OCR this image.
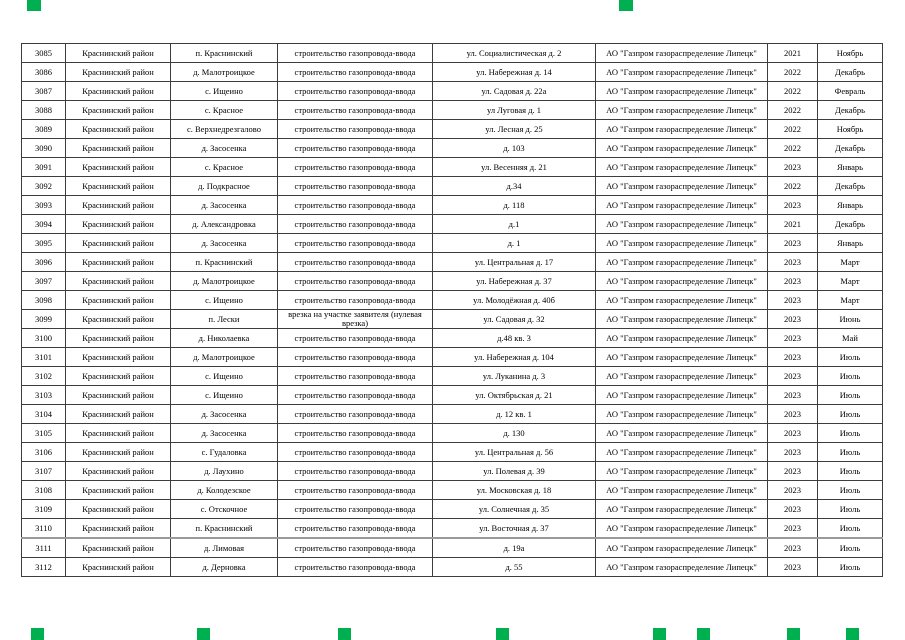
3085	Краснинский район	п. Краснинский	строительство газопровода-ввода	ул. Социалистическая д. 2	АО "Газпром газораспределение Липецк"	2021	Ноябрь
3086	Краснинский район	д. Малотроицкое	строительство газопровода-ввода	ул. Набережная д. 14	АО "Газпром газораспределение Липецк"	2022	Декабрь
3087	Краснинский район	с. Ищеино	строительство газопровода-ввода	ул. Садовая д. 22а	АО "Газпром газораспределение Липецк"	2022	Февраль
3088	Краснинский район	с. Красное	строительство газопровода-ввода	ул Луговая д. 1	АО "Газпром газораспределение Липецк"	2022	Декабрь
3089	Краснинский район	с. Верхнедрезгалово	строительство газопровода-ввода	ул. Лесная д. 25	АО "Газпром газораспределение Липецк"	2022	Ноябрь
3090	Краснинский район	д. Засосенка	строительство газопровода-ввода	д. 103	АО "Газпром газораспределение Липецк"	2022	Декабрь
3091	Краснинский район	с. Красное	строительство газопровода-ввода	ул. Весенняя д. 21	АО "Газпром газораспределение Липецк"	2023	Январь
3092	Краснинский район	д. Подкрасное	строительство газопровода-ввода	д.34	АО "Газпром газораспределение Липецк"	2022	Декабрь
3093	Краснинский район	д. Засосенка	строительство газопровода-ввода	д. 118	АО "Газпром газораспределение Липецк"	2023	Январь
3094	Краснинский район	д. Александровка	строительство газопровода-ввода	д.1	АО "Газпром газораспределение Липецк"	2021	Декабрь
3095	Краснинский район	д. Засосенка	строительство газопровода-ввода	д. 1	АО "Газпром газораспределение Липецк"	2023	Январь
3096	Краснинский район	п. Краснинский	строительство газопровода-ввода	ул. Центральная д. 17	АО "Газпром газораспределение Липецк"	2023	Март
3097	Краснинский район	д. Малотроицкое	строительство газопровода-ввода	ул. Набережная д. 37	АО "Газпром газораспределение Липецк"	2023	Март
3098	Краснинский район	с. Ищеино	строительство газопровода-ввода	ул. Молодёжная д. 40б	АО "Газпром газораспределение Липецк"	2023	Март
3099	Краснинский район	п. Лески	врезка на участке заявителя (нулевая врезка)	ул. Садовая д. 32	АО "Газпром газораспределение Липецк"	2023	Июнь
3100	Краснинский район	д. Николаевка	строительство газопровода-ввода	д.48 кв. 3	АО "Газпром газораспределение Липецк"	2023	Май
3101	Краснинский район	д. Малотроицкое	строительство газопровода-ввода	ул. Набережная д. 104	АО "Газпром газораспределение Липецк"	2023	Июль
3102	Краснинский район	с. Ищеино	строительство газопровода-ввода	ул. Луканина д. 3	АО "Газпром газораспределение Липецк"	2023	Июль
3103	Краснинский район	с. Ищеино	строительство газопровода-ввода	ул. Октябрьская д. 21	АО "Газпром газораспределение Липецк"	2023	Июль
3104	Краснинский район	д. Засосенка	строительство газопровода-ввода	д. 12 кв. 1	АО "Газпром газораспределение Липецк"	2023	Июль
3105	Краснинский район	д. Засосенка	строительство газопровода-ввода	д. 130	АО "Газпром газораспределение Липецк"	2023	Июль
3106	Краснинский район	с. Гудаловка	строительство газопровода-ввода	ул. Центральная д. 56	АО "Газпром газораспределение Липецк"	2023	Июль
3107	Краснинский район	д. Лаухино	строительство газопровода-ввода	ул. Полевая д. 39	АО "Газпром газораспределение Липецк"	2023	Июль
3108	Краснинский район	д. Колодезское	строительство газопровода-ввода	ул. Московская д. 18	АО "Газпром газораспределение Липецк"	2023	Июль
3109	Краснинский район	с. Отскочное	строительство газопровода-ввода	ул. Солнечная д. 35	АО "Газпром газораспределение Липецк"	2023	Июль
3110	Краснинский район	п. Краснинский	строительство газопровода-ввода	ул. Восточная д. 37	АО "Газпром газораспределение Липецк"	2023	Июль
3111	Краснинский район	д. Лимовая	строительство газопровода-ввода	д. 19а	АО "Газпром газораспределение Липецк"	2023	Июль
3112	Краснинский район	д. Дерновка	строительство газопровода-ввода	д. 55	АО "Газпром газораспределение Липецк"	2023	Июль
